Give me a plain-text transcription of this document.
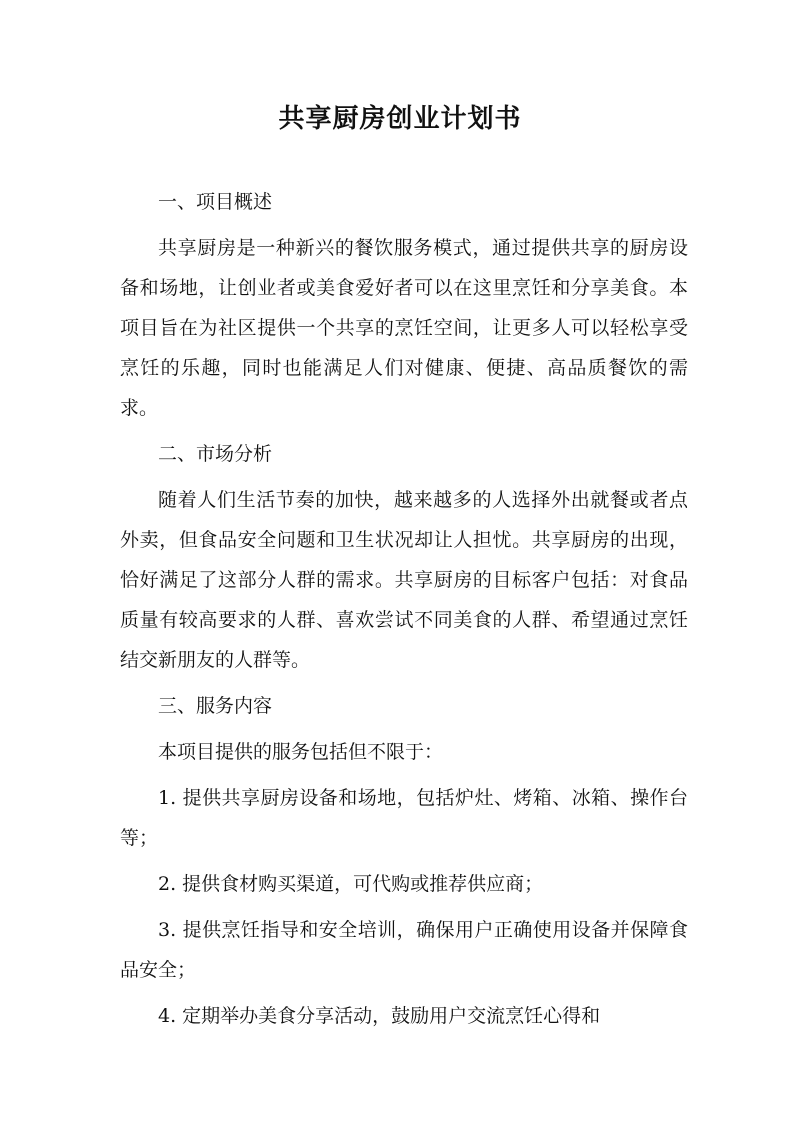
共享厨房创业计划书

一、项目概述

共享厨房是一种新兴的餐饮服务模式，通过提供共享的厨房设备和场地，让创业者或美食爱好者可以在这里烹饪和分享美食。本项目旨在为社区提供一个共享的烹饪空间，让更多人可以轻松享受烹饪的乐趣，同时也能满足人们对健康、便捷、高品质餐饮的需求。

二、市场分析

随着人们生活节奏的加快，越来越多的人选择外出就餐或者点外卖，但食品安全问题和卫生状况却让人担忧。共享厨房的出现，恰好满足了这部分人群的需求。共享厨房的目标客户包括：对食品质量有较高要求的人群、喜欢尝试不同美食的人群、希望通过烹饪结交新朋友的人群等。

三、服务内容

本项目提供的服务包括但不限于：

1. 提供共享厨房设备和场地，包括炉灶、烤箱、冰箱、操作台等；

2. 提供食材购买渠道，可代购或推荐供应商；

3. 提供烹饪指导和安全培训，确保用户正确使用设备并保障食品安全；

4. 定期举办美食分享活动，鼓励用户交流烹饪心得和
